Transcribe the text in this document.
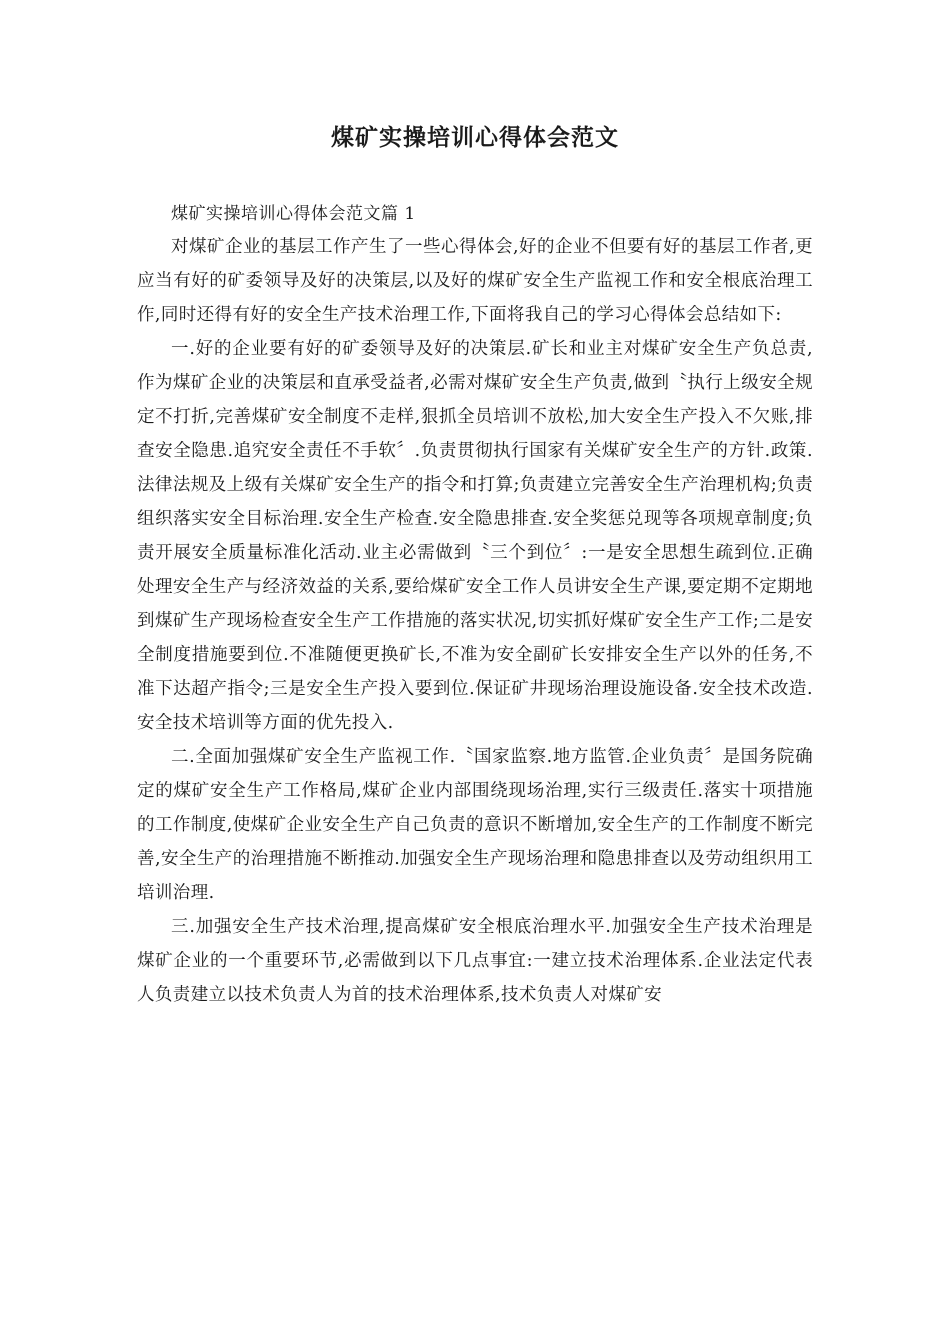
煤矿实操培训心得体会范文

煤矿实操培训心得体会范文篇 1

对煤矿企业的基层工作产生了一些心得体会,好的企业不但要有好的基层工作者,更应当有好的矿委领导及好的决策层,以及好的煤矿安全生产监视工作和安全根底治理工作,同时还得有好的安全生产技术治理工作,下面将我自己的学习心得体会总结如下:

一.好的企业要有好的矿委领导及好的决策层.矿长和业主对煤矿安全生产负总责,作为煤矿企业的决策层和直承受益者,必需对煤矿安全生产负责,做到〝执行上级安全规定不打折,完善煤矿安全制度不走样,狠抓全员培训不放松,加大安全生产投入不欠账,排查安全隐患.追究安全责任不手软〞.负责贯彻执行国家有关煤矿安全生产的方针.政策.法律法规及上级有关煤矿安全生产的指令和打算;负责建立完善安全生产治理机构;负责组织落实安全目标治理.安全生产检查.安全隐患排查.安全奖惩兑现等各项规章制度;负责开展安全质量标准化活动.业主必需做到〝三个到位〞:一是安全思想生疏到位.正确处理安全生产与经济效益的关系,要给煤矿安全工作人员讲安全生产课,要定期不定期地到煤矿生产现场检查安全生产工作措施的落实状况,切实抓好煤矿安全生产工作;二是安全制度措施要到位.不准随便更换矿长,不准为安全副矿长安排安全生产以外的任务,不准下达超产指令;三是安全生产投入要到位.保证矿井现场治理设施设备.安全技术改造.安全技术培训等方面的优先投入.

二.全面加强煤矿安全生产监视工作.〝国家监察.地方监管.企业负责〞是国务院确定的煤矿安全生产工作格局,煤矿企业内部围绕现场治理,实行三级责任.落实十项措施的工作制度,使煤矿企业安全生产自己负责的意识不断增加,安全生产的工作制度不断完善,安全生产的治理措施不断推动.加强安全生产现场治理和隐患排查以及劳动组织用工培训治理.

三.加强安全生产技术治理,提高煤矿安全根底治理水平.加强安全生产技术治理是煤矿企业的一个重要环节,必需做到以下几点事宜:一建立技术治理体系.企业法定代表人负责建立以技术负责人为首的技术治理体系,技术负责人对煤矿安
